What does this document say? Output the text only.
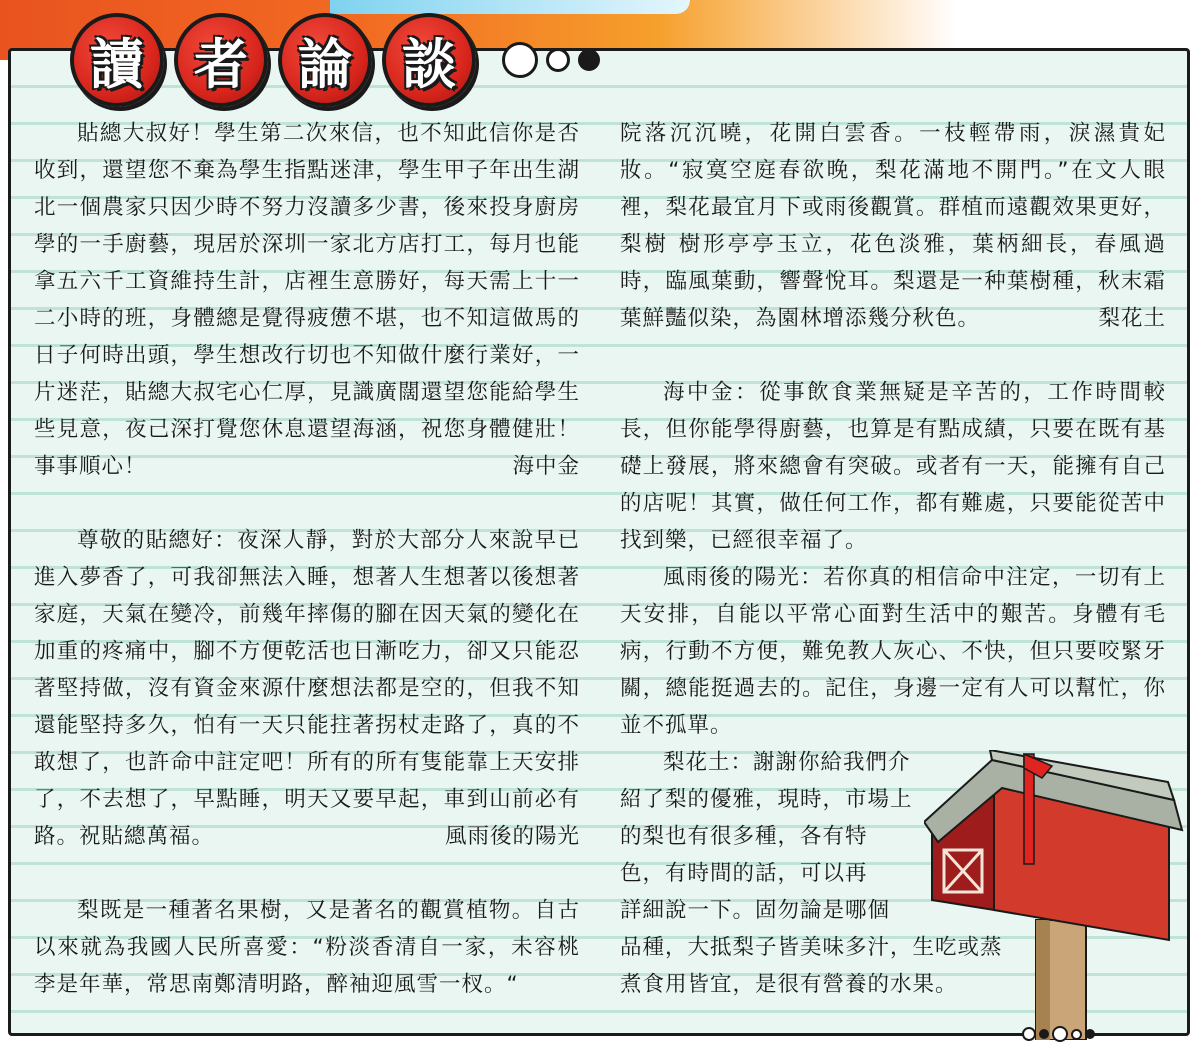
讀 者 論 談

貼總大叔好！學生第二次來信，也不知此信你是否收到，還望您不棄為學生指點迷津，學生甲子年出生湖北一個農家只因少時不努力沒讀多少書，後來投身廚房學的一手廚藝，現居於深圳一家北方店打工，每月也能拿五六千工資維持生計，店裡生意勝好，每天需上十一二小時的班，身體總是覺得疲憊不堪，也不知這做馬的日子何時出頭，學生想改行切也不知做什麼行業好，一片迷茫，貼總大叔宅心仁厚，見識廣闊還望您能給學生些見意，夜己深打覺您休息還望海涵，祝您身體健壯！事事順心！	海中金

尊敬的貼總好：夜深人靜，對於大部分人來說早已進入夢香了，可我卻無法入睡，想著人生想著以後想著家庭，天氣在變冷，前幾年摔傷的腳在因天氣的變化在加重的疼痛中，腳不方便乾活也日漸吃力，卻又只能忍著堅持做，沒有資金來源什麼想法都是空的，但我不知還能堅持多久，怕有一天只能拄著拐杖走路了，真的不敢想了，也許命中註定吧！所有的所有隻能靠上天安排了，不去想了，早點睡，明天又要早起，車到山前必有路。祝貼總萬福。	風雨後的陽光

梨既是一種著名果樹，又是著名的觀賞植物。自古以來就為我國人民所喜愛：“粉淡香清自一家，未容桃李是年華，常思南鄭清明路，醉袖迎風雪一杈。“

院落沉沉曉，花開白雲香。一枝輕帶雨，淚濕貴妃妝。“寂寞空庭春欲晚，梨花滿地不開門。”在文人眼裡，梨花最宜月下或雨後觀賞。群植而遠觀效果更好， 梨樹 樹形亭亭玉立，花色淡雅，葉柄細長，春風過時，臨風葉動，響聲悅耳。梨還是一种葉樹種，秋末霜葉鮮豔似染，為園林增添幾分秋色。	梨花土

海中金：從事飲食業無疑是辛苦的，工作時間較長，但你能學得廚藝，也算是有點成績，只要在既有基礎上發展，將來總會有突破。或者有一天，能擁有自己的店呢！其實，做任何工作，都有難處，只要能從苦中找到樂，已經很幸福了。

風雨後的陽光：若你真的相信命中注定，一切有上天安排，自能以平常心面對生活中的艱苦。身體有毛病，行動不方便，難免教人灰心、不快，但只要咬緊牙關，總能挺過去的。記住，身邊一定有人可以幫忙，你並不孤單。

梨花土：謝謝你給我們介
紹了梨的優雅，現時，市場上
的梨也有很多種，各有特
色，有時間的話，可以再
詳細說一下。固勿論是哪個
品種，大抵梨子皆美味多汁，生吃或蒸
煮食用皆宜，是很有營養的水果。
